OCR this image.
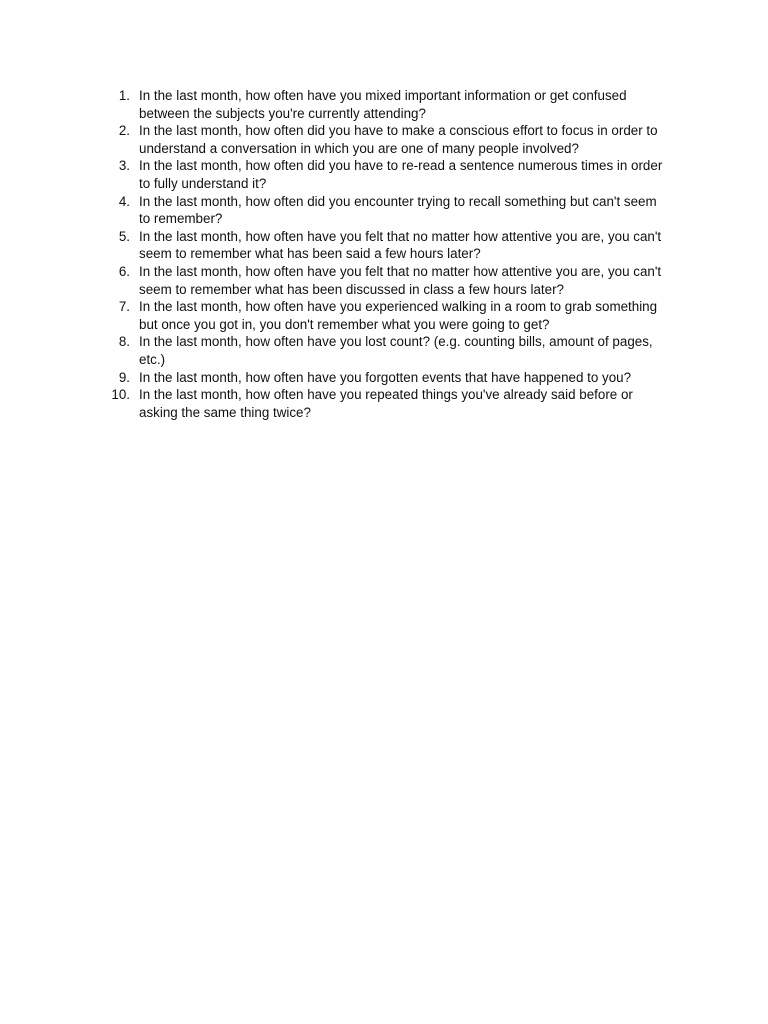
1. In the last month, how often have you mixed important information or get confused between the subjects you're currently attending?
2. In the last month, how often did you have to make a conscious effort to focus in order to understand a conversation in which you are one of many people involved?
3. In the last month, how often did you have to re-read a sentence numerous times in order to fully understand it?
4. In the last month, how often did you encounter trying to recall something but can't seem to remember?
5. In the last month, how often have you felt that no matter how attentive you are, you can't seem to remember what has been said a few hours later?
6. In the last month, how often have you felt that no matter how attentive you are, you can't seem to remember what has been discussed in class a few hours later?
7. In the last month, how often have you experienced walking in a room to grab something but once you got in, you don't remember what you were going to get?
8. In the last month, how often have you lost count? (e.g. counting bills, amount of pages, etc.)
9. In the last month, how often have you forgotten events that have happened to you?
10. In the last month, how often have you repeated things you've already said before or asking the same thing twice?
